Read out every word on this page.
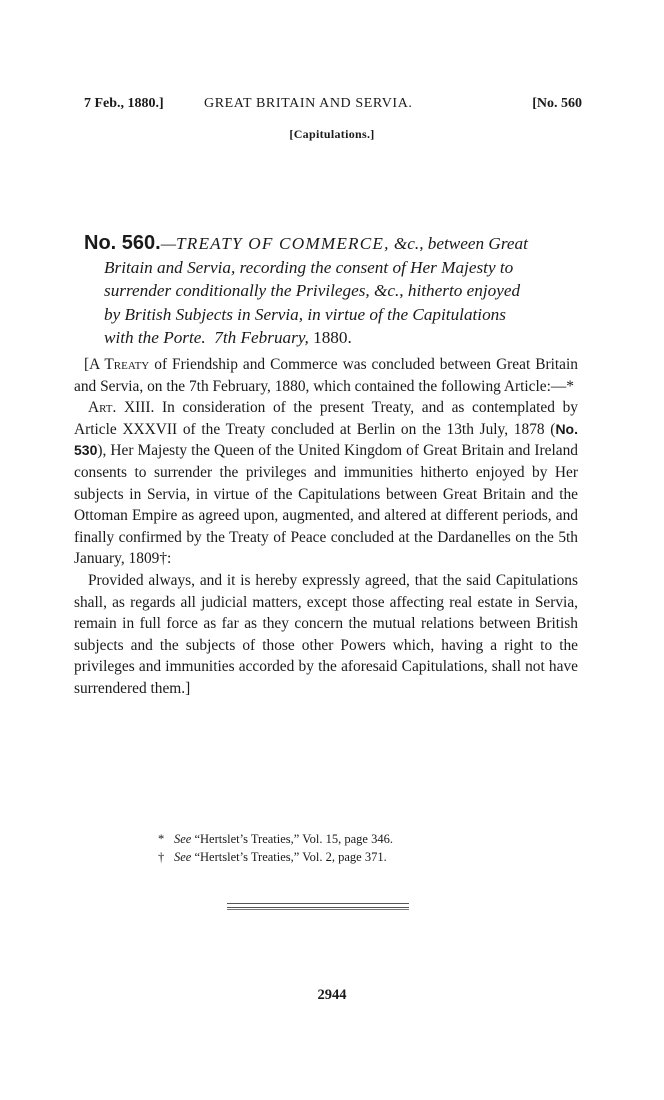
7 Feb., 1880.]	GREAT BRITAIN AND SERVIA.	[No. 560
[Capitulations.]
No. 560.—TREATY OF COMMERCE, &c., between Great
Britain and Servia, recording the consent of Her Majesty to
surrender conditionally the Privileges, &c., hitherto enjoyed
by British Subjects in Servia, in virtue of the Capitulations
with the Porte. 7th February, 1880.

[A Treaty of Friendship and Commerce was concluded between Great Britain and Servia, on the 7th February, 1880, which contained the following Article:—*

Art. XIII. In consideration of the present Treaty, and as contemplated by Article XXXVII of the Treaty concluded at Berlin on the 13th July, 1878 (No. 530), Her Majesty the Queen of the United Kingdom of Great Britain and Ireland consents to surrender the privileges and immunities hitherto enjoyed by Her subjects in Servia, in virtue of the Capitulations between Great Britain and the Ottoman Empire as agreed upon, augmented, and altered at different periods, and finally confirmed by the Treaty of Peace concluded at the Dardanelles on the 5th January, 1809†:

Provided always, and it is hereby expressly agreed, that the said Capitulations shall, as regards all judicial matters, except those affecting real estate in Servia, remain in full force as far as they concern the mutual relations between British subjects and the subjects of those other Powers which, having a right to the privileges and immunities accorded by the aforesaid Capitulations, shall not have surrendered them.]

* See “Hertslet’s Treaties,” Vol. 15, page 346.
† See “Hertslet’s Treaties,” Vol. 2, page 371.
2944
